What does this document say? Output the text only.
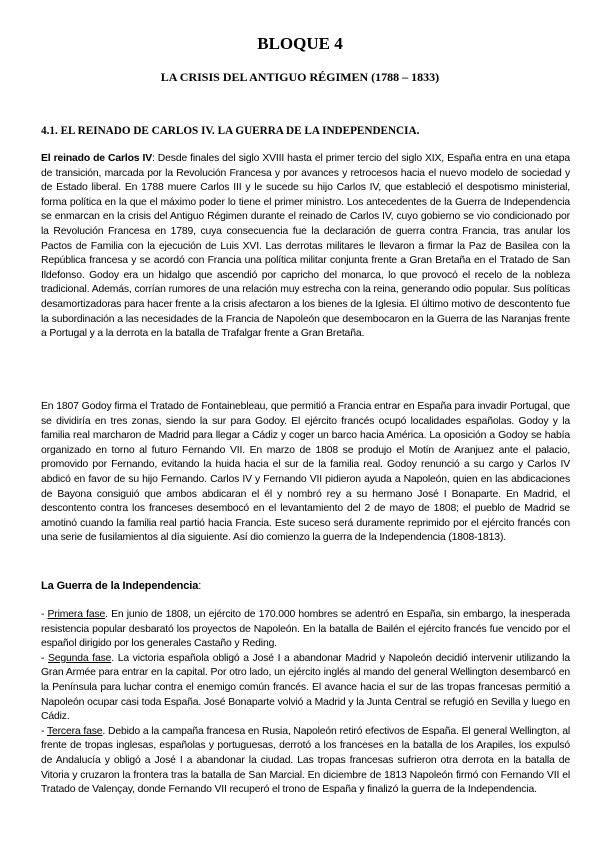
BLOQUE 4
LA CRISIS DEL ANTIGUO RÉGIMEN (1788 – 1833)
4.1. EL REINADO DE CARLOS IV. LA GUERRA DE LA INDEPENDENCIA.

El reinado de Carlos IV: Desde finales del siglo XVIII hasta el primer tercio del siglo XIX, España entra en una etapa de transición, marcada por la Revolución Francesa y por avances y retrocesos hacia el nuevo modelo de sociedad y de Estado liberal. En 1788 muere Carlos III y le sucede su hijo Carlos IV, que estableció el despotismo ministerial, forma política en la que el máximo poder lo tiene el primer ministro. Los antecedentes de la Guerra de Independencia se enmarcan en la crisis del Antiguo Régimen durante el reinado de Carlos IV, cuyo gobierno se vio condicionado por la Revolución Francesa en 1789, cuya consecuencia fue la declaración de guerra contra Francia, tras anular los Pactos de Familia con la ejecución de Luis XVI. Las derrotas militares le llevaron a firmar la Paz de Basilea con la República francesa y se acordó con Francia una política militar conjunta frente a Gran Bretaña en el Tratado de San Ildefonso. Godoy era un hidalgo que ascendió por capricho del monarca, lo que provocó el recelo de la nobleza tradicional. Además, corrían rumores de una relación muy estrecha con la reina, generando odio popular. Sus políticas desamortizadoras para hacer frente a la crisis afectaron a los bienes de la Iglesia. El último motivo de descontento fue la subordinación a las necesidades de la Francia de Napoleón que desembocaron en la Guerra de las Naranjas frente a Portugal y a la derrota en la batalla de Trafalgar frente a Gran Bretaña.

En 1807 Godoy firma el Tratado de Fontainebleau, que permitió a Francia entrar en España para invadir Portugal, que se dividiría en tres zonas, siendo la sur para Godoy. El ejército francés ocupó localidades españolas. Godoy y la familia real marcharon de Madrid para llegar a Cádiz y coger un barco hacia América. La oposición a Godoy se había organizado en torno al futuro Fernando VII. En marzo de 1808 se produjo el Motín de Aranjuez ante el palacio, promovido por Fernando, evitando la huida hacia el sur de la familia real. Godoy renunció a su cargo y Carlos IV abdicó en favor de su hijo Fernando. Carlos IV y Fernando VII pidieron ayuda a Napoleón, quien en las abdicaciones de Bayona consiguió que ambos abdicaran el él y nombró rey a su hermano José I Bonaparte. En Madrid, el descontento contra los franceses desembocó en el levantamiento del 2 de mayo de 1808; el pueblo de Madrid se amotinó cuando la familia real partió hacia Francia. Este suceso será duramente reprimido por el ejército francés con una serie de fusilamientos al día siguiente. Así dio comienzo la guerra de la Independencia (1808-1813).

La Guerra de la Independencia:

- Primera fase. En junio de 1808, un ejército de 170.000 hombres se adentró en España, sin embargo, la inesperada resistencia popular desbarató los proyectos de Napoleón. En la batalla de Bailén el ejército francés fue vencido por el español dirigido por los generales Castaño y Reding.

- Segunda fase. La victoria española obligó a José I a abandonar Madrid y Napoleón decidió intervenir utilizando la Gran Armée para entrar en la capital. Por otro lado, un ejército inglés al mando del general Wellington desembarcó en la Península para luchar contra el enemigo común francés. El avance hacia el sur de las tropas francesas permitió a Napoleón ocupar casi toda España. José Bonaparte volvió a Madrid y la Junta Central se refugió en Sevilla y luego en Cádiz.

- Tercera fase. Debido a la campaña francesa en Rusia, Napoleón retiró efectivos de España. El general Wellington, al frente de tropas inglesas, españolas y portuguesas, derrotó a los franceses en la batalla de los Arapiles, los expulsó de Andalucía y obligó a José I a abandonar la ciudad. Las tropas francesas sufrieron otra derrota en la batalla de Vitoria y cruzaron la frontera tras la batalla de San Marcial. En diciembre de 1813 Napoleón firmó con Fernando VII el Tratado de Valençay, donde Fernando VII recuperó el trono de España y finalizó la guerra de la Independencia.
